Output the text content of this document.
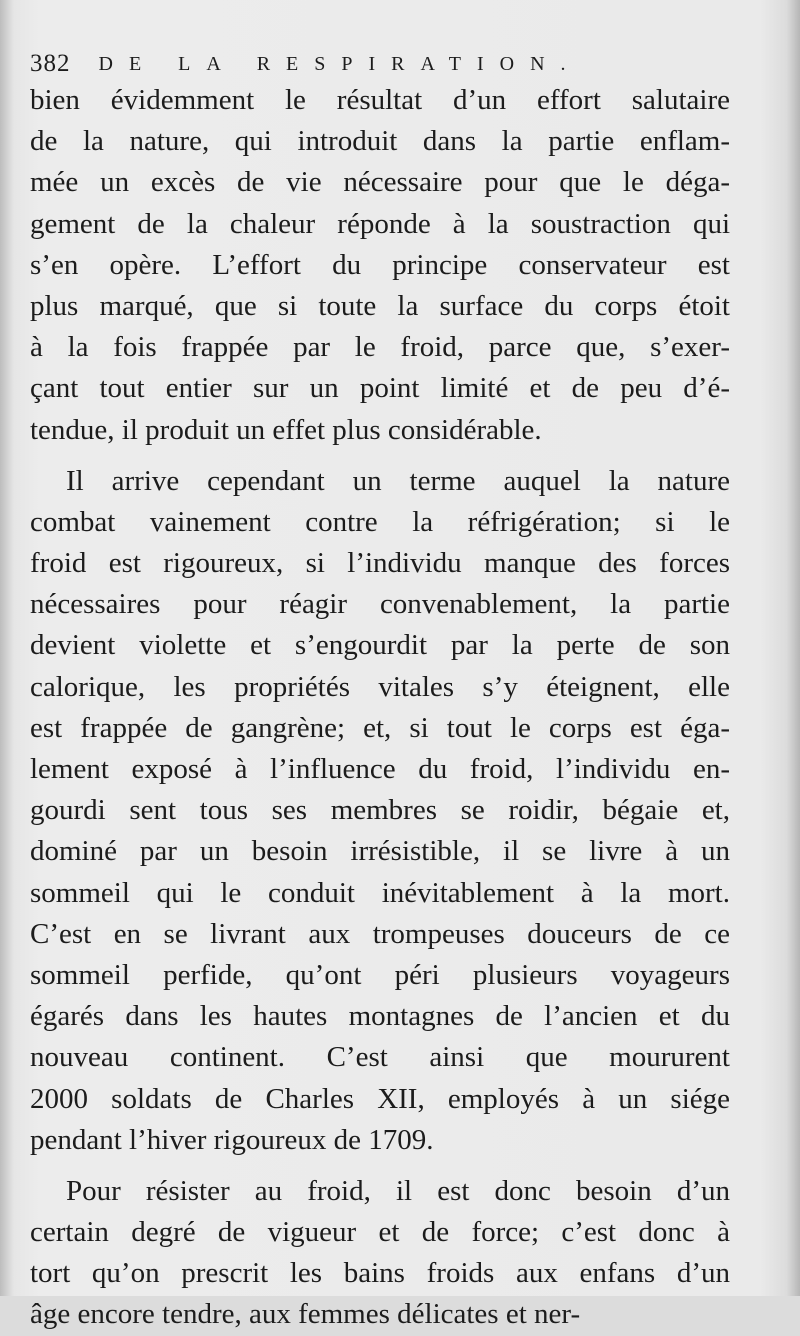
382 DE LA RESPIRATION.
bien évidemment le résultat d’un effort salutaire
de la nature, qui introduit dans la partie enflam-
mée un excès de vie nécessaire pour que le déga-
gement de la chaleur réponde à la soustraction qui
s’en opère. L’effort du principe conservateur est
plus marqué, que si toute la surface du corps étoit
à la fois frappée par le froid, parce que, s’exer-
çant tout entier sur un point limité et de peu d’é-
tendue, il produit un effet plus considérable.
Il arrive cependant un terme auquel la nature
combat vainement contre la réfrigération; si le
froid est rigoureux, si l’individu manque des forces
nécessaires pour réagir convenablement, la partie
devient violette et s’engourdit par la perte de son
calorique, les propriétés vitales s’y éteignent, elle
est frappée de gangrène; et, si tout le corps est éga-
lement exposé à l’influence du froid, l’individu en-
gourdi sent tous ses membres se roidir, bégaie et,
dominé par un besoin irrésistible, il se livre à un
sommeil qui le conduit inévitablement à la mort.
C’est en se livrant aux trompeuses douceurs de ce
sommeil perfide, qu’ont péri plusieurs voyageurs
égarés dans les hautes montagnes de l’ancien et du
nouveau continent. C’est ainsi que moururent
2000 soldats de Charles XII, employés à un siége
pendant l’hiver rigoureux de 1709.
Pour résister au froid, il est donc besoin d’un
certain degré de vigueur et de force; c’est donc à
tort qu’on prescrit les bains froids aux enfans d’un
âge encore tendre, aux femmes délicates et ner-
